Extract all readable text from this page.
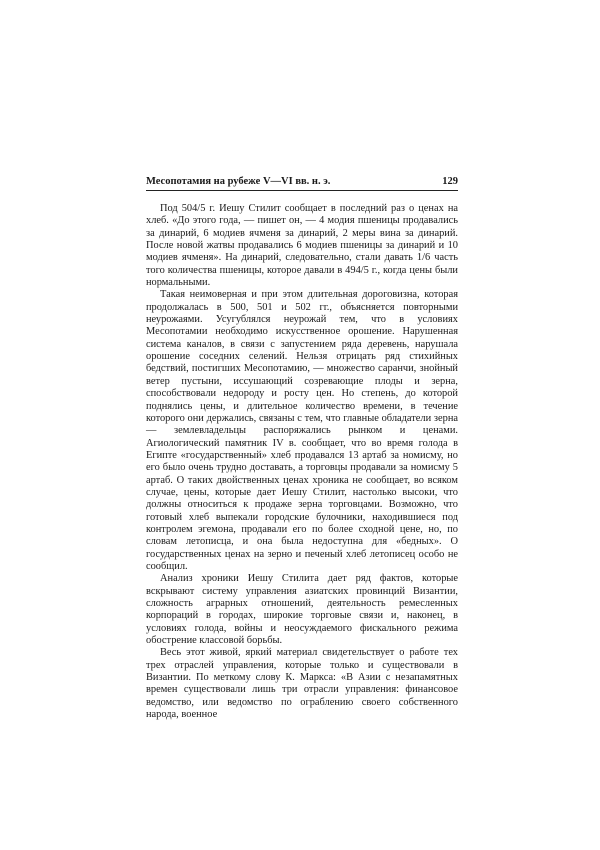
Месопотамия на рубеже V—VI вв. н. э.	129

Под 504/5 г. Иешу Стилит сообщает в последний раз о ценах на хлеб. «До этого года, — пишет он, — 4 модия пшеницы продавались за динарий, 6 модиев ячменя за динарий, 2 меры вина за динарий. После новой жатвы продавались 6 модиев пшеницы за динарий и 10 модиев ячменя». На динарий, следовательно, стали давать 1/6 часть того количества пшеницы, которое давали в 494/5 г., когда цены были нормальными.

Такая неимоверная и при этом длительная дороговизна, которая продолжалась в 500, 501 и 502 гг., объясняется повторными неурожаями. Усугублялся неурожай тем, что в условиях Месопотамии необходимо искусственное орошение. Нарушенная система каналов, в связи с запустением ряда деревень, нарушала орошение соседних селений. Нельзя отрицать ряд стихийных бедствий, постигших Месопотамию, — множество саранчи, знойный ветер пустыни, иссушающий созревающие плоды и зерна, способствовали недороду и росту цен. Но степень, до которой поднялись цены, и длительное количество времени, в течение которого они держались, связаны с тем, что главные обладатели зерна — землевладельцы распоряжались рынком и ценами. Агиологический памятник IV в. сообщает, что во время голода в Египте «государственный» хлеб продавался 13 артаб за номисму, но его было очень трудно доставать, а торговцы продавали за номисму 5 артаб. О таких двойственных ценах хроника не сообщает, во всяком случае, цены, которые дает Иешу Стилит, настолько высоки, что должны относиться к продаже зерна торговцами. Возможно, что готовый хлеб выпекали городские булочники, находившиеся под контролем эгемона, продавали его по более сходной цене, но, по словам летописца, и она была недоступна для «бедных». О государственных ценах на зерно и печеный хлеб летописец особо не сообщил.

Анализ хроники Иешу Стилита дает ряд фактов, которые вскрывают систему управления азиатских провинций Византии, сложность аграрных отношений, деятельность ремесленных корпораций в городах, широкие торговые связи и, наконец, в условиях голода, войны и неосуждаемого фискального режима обострение классовой борьбы.

Весь этот живой, яркий материал свидетельствует о работе тех трех отраслей управления, которые только и существовали в Византии. По меткому слову К. Маркса: «В Азии с незапамятных времен существовали лишь три отрасли управления: финансовое ведомство, или ведомство по ограблению своего собственного народа, военное
